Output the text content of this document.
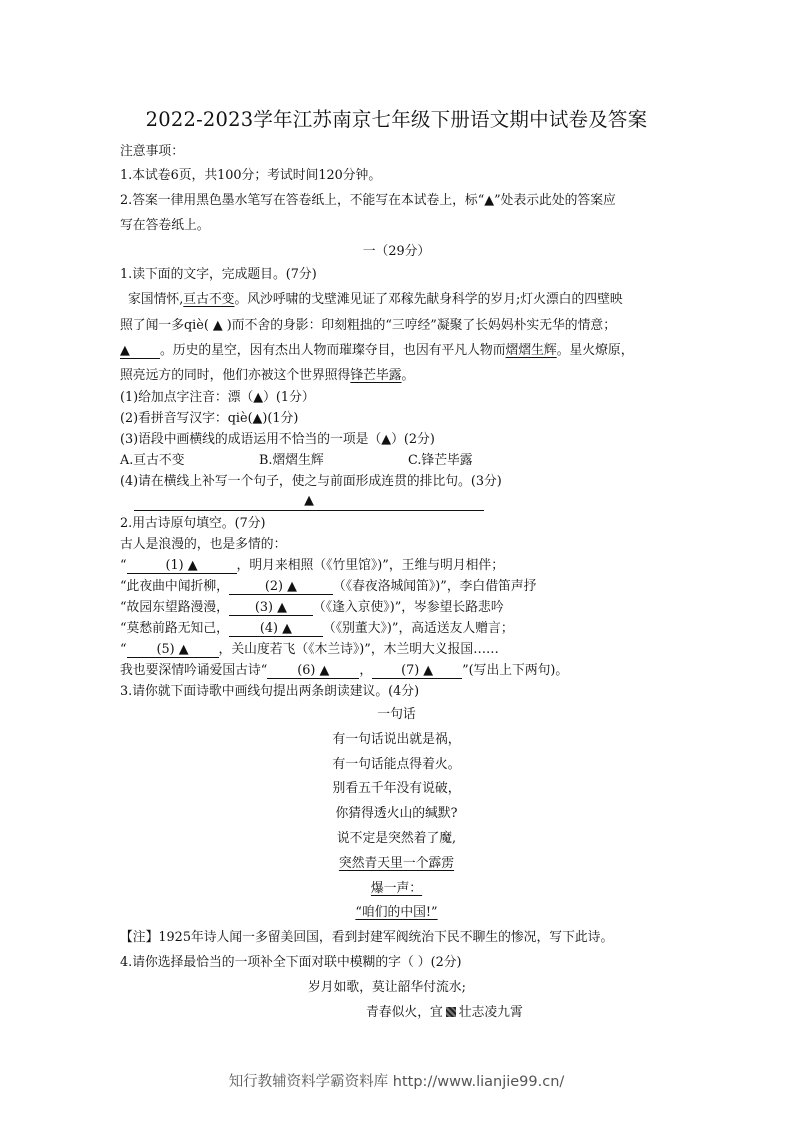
2022-2023学年江苏南京七年级下册语文期中试卷及答案
注意事项：
1.本试卷6页，共100分；考试时间120分钟。
2.答案一律用黑色墨水笔写在答卷纸上，不能写在本试卷上，标“▲”处表示此处的答案应
写在答卷纸上。
一（29分）
1.读下面的文字，完成题目。(7分)
家国情怀,亘古不变。风沙呼啸的戈壁滩见证了邓稼先献身科学的岁月;灯火漂白的四壁映
照了闻一多qiè( ▲ )而不舍的身影：印刻粗拙的“三哼经”凝聚了长妈妈朴实无华的情意；
▲ 。历史的星空，因有杰出人物而璀璨夺目，也因有平凡人物而熠熠生辉。星火燎原，
照亮远方的同时，他们亦被这个世界照得锋芒毕露。
(1)给加点字注音：漂（▲）(1分）
(2)看拼音写汉字：qiè(▲)(1分)
(3)语段中画横线的成语运用不恰当的一项是（▲）(2分)
A.亘古不变	B.熠熠生辉	C.锋芒毕露
(4)请在横线上补写一个句子，使之与前面形成连贯的排比句。(3分)
▲
2.用古诗原句填空。(7分)
古人是浪漫的，也是多情的：
“	(1) ▲	，明月来相照（《竹里馆》)”，王维与明月相伴；
“此夜曲中闻折柳，	(2) ▲	（《春夜洛城闻笛》)”，李白借笛声抒
“故园东望路漫漫， (3) ▲ （《逢入京使》)”，岑参望长路悲吟
“莫愁前路无知己， (4) ▲ （《别董大》)”，高适送友人赠言；
“ (5) ▲ ，关山度若飞（《木兰诗》)”，木兰明大义报国……
我也要深情吟诵爱国古诗“ (6) ▲ ， (7) ▲ ”(写出上下两句)。
3.请你就下面诗歌中画线句提出两条朗读建议。(4分)
一句话
有一句话说出就是祸，
有一句话能点得着火。
别看五千年没有说破，
你猜得透火山的缄默?
说不定是突然着了魔,
突然青天里一个霹雳
爆一声：
“咱们的中国!”
【注】1925年诗人闻一多留美回国，看到封建军阀统治下民不聊生的惨况，写下此诗。
4.请你选择最恰当的一项补全下面对联中模糊的字（ ）(2分)
岁月如歌，莫让韶华付流水;
青春似火，宜 壮志凌九霄
知行教辅资料学霸资料库 http://www.lianjie99.cn/
